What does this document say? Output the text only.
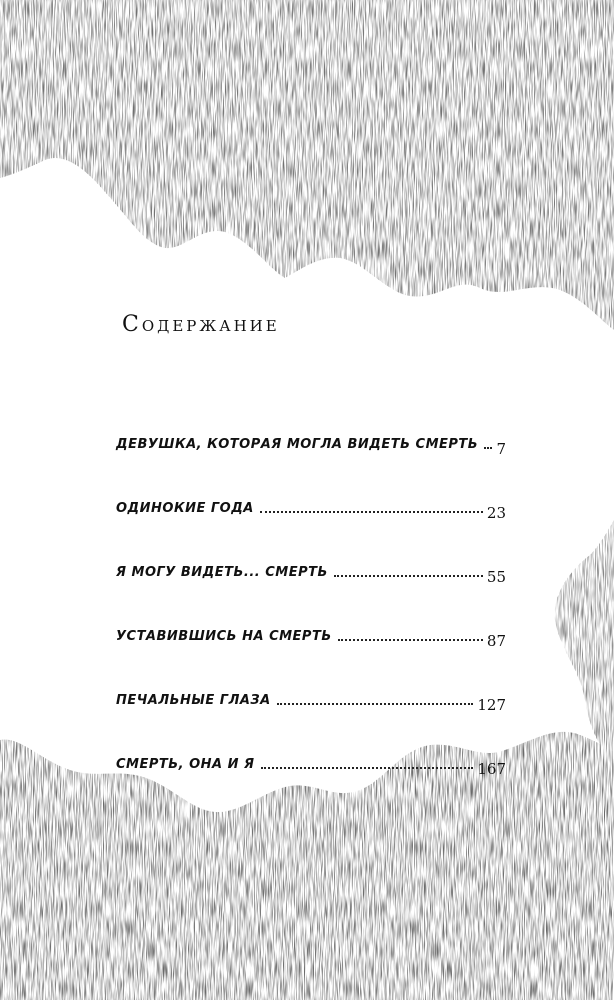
Содержание
ДЕВУШКА, КОТОРАЯ МОГЛА ВИДЕТЬ СМЕРТЬ 7
ОДИНОКИЕ ГОДА	23
Я МОГУ ВИДЕТЬ... СМЕРТЬ	55
УСТАВИВШИСЬ НА СМЕРТЬ	87
ПЕЧАЛЬНЫЕ ГЛАЗА	127
СМЕРТЬ, ОНА И Я	167
